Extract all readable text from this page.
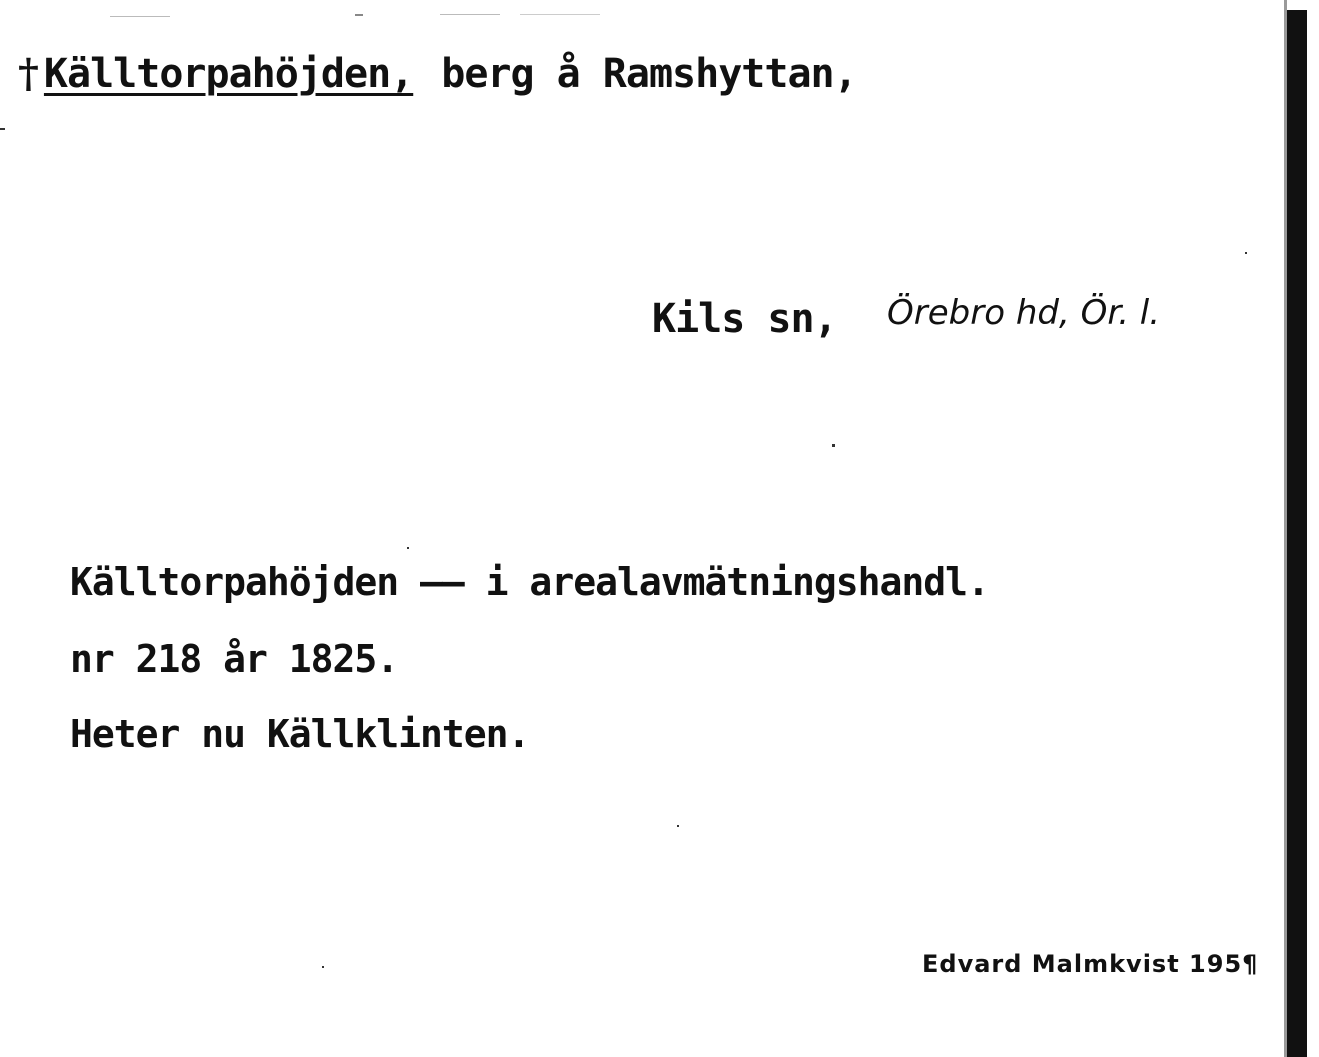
† Källtorpahöjden, berg å Ramshyttan,
Kils sn, Örebro hd, Ör. l.
Källtorpahöjden —— i arealavmätningshandl.
nr 218 år 1825.
Heter nu Källklinten.
Edvard Malmkvist 195¶
